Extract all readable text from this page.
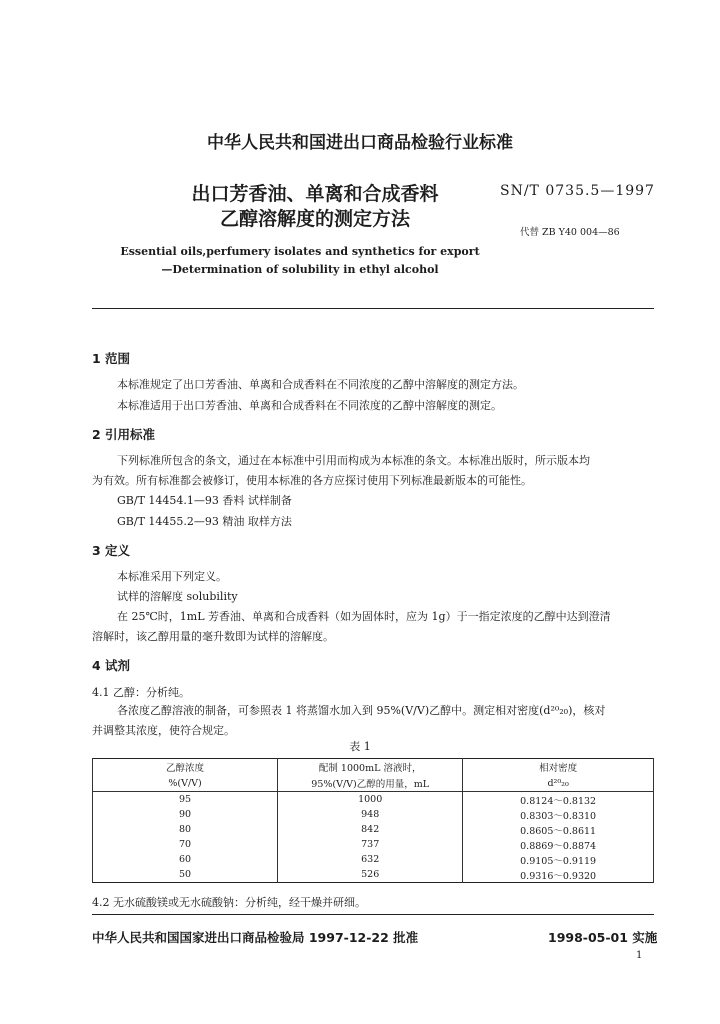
中华人民共和国进出口商品检验行业标准
出口芳香油、单离和合成香料
乙醇溶解度的测定方法
SN/T 0735.5—1997
代替 ZB Y40 004—86
Essential oils,perfumery isolates and synthetics for export
—Determination of solubility in ethyl alcohol
1 范围
本标准规定了出口芳香油、单离和合成香料在不同浓度的乙醇中溶解度的测定方法。
本标准适用于出口芳香油、单离和合成香料在不同浓度的乙醇中溶解度的测定。
2 引用标准
下列标准所包含的条文，通过在本标准中引用而构成为本标准的条文。本标准出版时，所示版本均
为有效。所有标准都会被修订，使用本标准的各方应探讨使用下列标准最新版本的可能性。
GB/T 14454.1—93 香料 试样制备
GB/T 14455.2—93 精油 取样方法
3 定义
本标准采用下列定义。
试样的溶解度 solubility
在 25℃时，1mL 芳香油、单离和合成香料（如为固体时，应为 1g）于一指定浓度的乙醇中达到澄清
溶解时，该乙醇用量的毫升数即为试样的溶解度。
4 试剂
4.1 乙醇：分析纯。
各浓度乙醇溶液的制备，可参照表 1 将蒸馏水加入到 95%(V/V)乙醇中。测定相对密度(d²⁰₂₀)，核对
并调整其浓度，使符合规定。
表 1
乙醇浓度	配制 1000mL 溶液时，	相对密度
%(V/V)	95%(V/V)乙醇的用量，mL	d²⁰₂₀
95	1000	0.8124～0.8132
90	948	0.8303～0.8310
80	842	0.8605～0.8611
70	737	0.8869～0.8874
60	632	0.9105～0.9119
50	526	0.9316～0.9320
4.2 无水硫酸镁或无水硫酸钠：分析纯，经干燥并研细。
中华人民共和国国家进出口商品检验局 1997-12-22 批准	1998-05-01 实施
1
